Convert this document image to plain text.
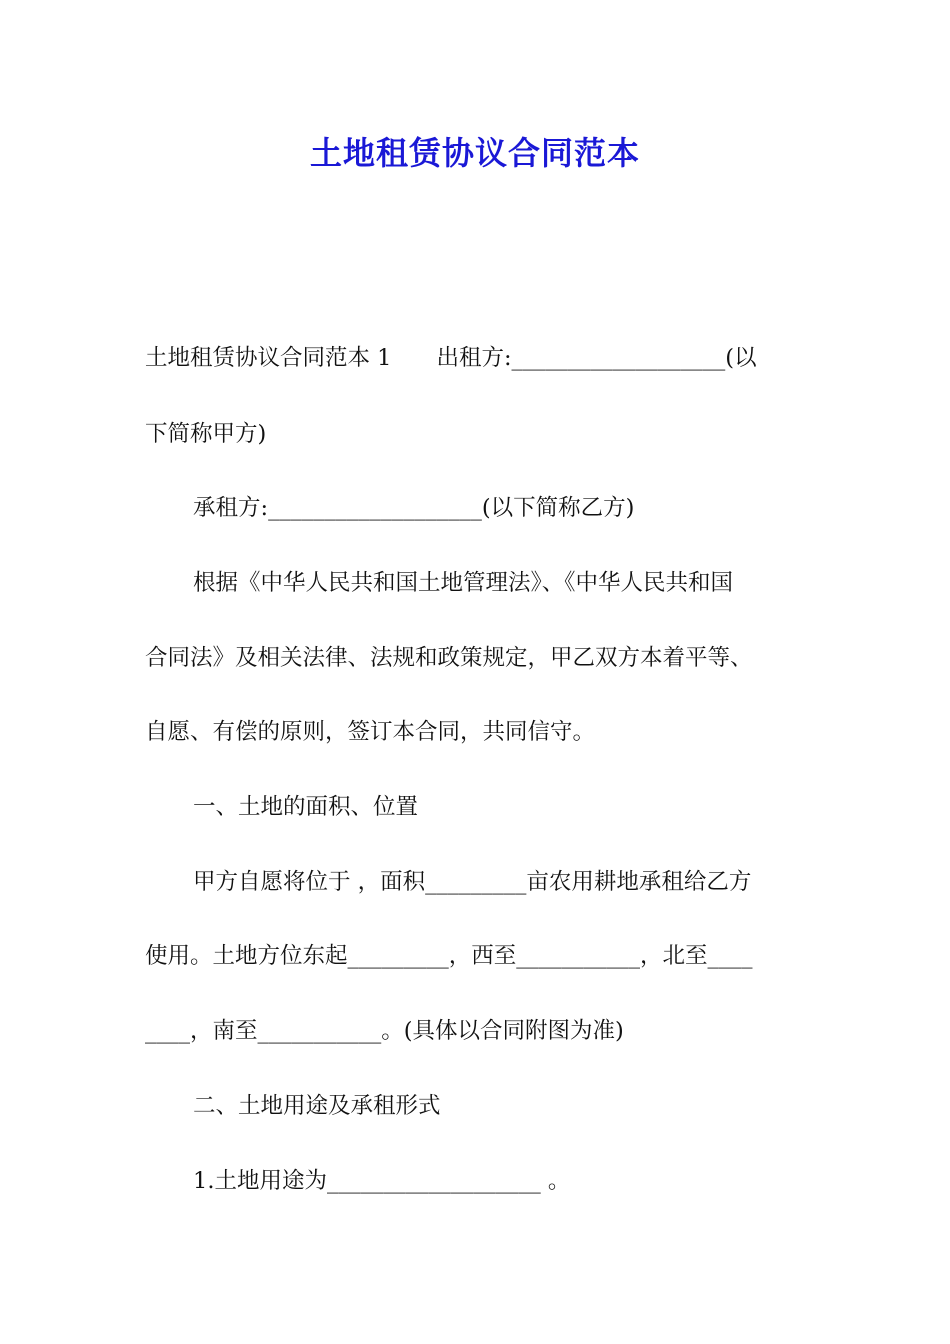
土地租赁协议合同范本

土地租赁协议合同范本 1　　出租方:___________________(以

下简称甲方)

承租方:___________________(以下简称乙方)

根据《中华人民共和国土地管理法》、《中华人民共和国

合同法》及相关法律、法规和政策规定，甲乙双方本着平等、

自愿、有偿的原则，签订本合同，共同信守。

一、土地的面积、位置

甲方自愿将位于 ，面积_________亩农用耕地承租给乙方

使用。土地方位东起_________，西至___________，北至____

____，南至___________。(具体以合同附图为准)

二、土地用途及承租形式

1.土地用途为___________________ 。
